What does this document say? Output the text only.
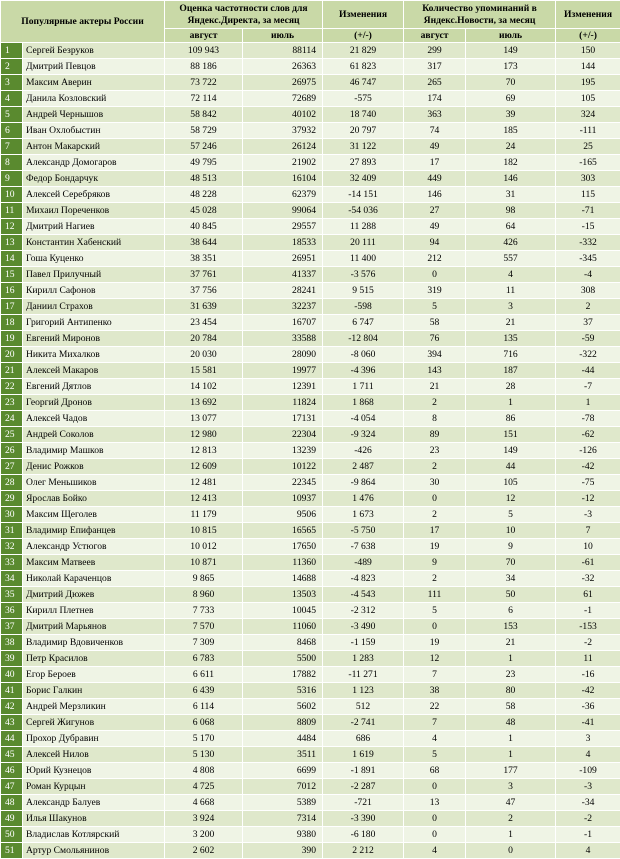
Популярные актеры России		Оценка частотности слов для Яндекс.Директа, за месяц		Изменения	Количество упоминаний в Яндекс.Новости, за месяц		Изменения
		август	июль	(+/-)	август	июль	(+/-)
1	Сергей Безруков	109 943	88114	21 829	299	149	150
2	Дмитрий Певцов	88 186	26363	61 823	317	173	144
3	Максим Аверин	73 722	26975	46 747	265	70	195
4	Данила Козловский	72 114	72689	-575	174	69	105
5	Андрей Чернышов	58 842	40102	18 740	363	39	324
6	Иван Охлобыстин	58 729	37932	20 797	74	185	-111
7	Антон Макарский	57 246	26124	31 122	49	24	25
8	Александр Домогаров	49 795	21902	27 893	17	182	-165
9	Федор Бондарчук	48 513	16104	32 409	449	146	303
10	Алексей Серебряков	48 228	62379	-14 151	146	31	115
11	Михаил Пореченков	45 028	99064	-54 036	27	98	-71
12	Дмитрий Нагиев	40 845	29557	11 288	49	64	-15
13	Константин Хабенский	38 644	18533	20 111	94	426	-332
14	Гоша Куценко	38 351	26951	11 400	212	557	-345
15	Павел Прилучный	37 761	41337	-3 576	0	4	-4
16	Кирилл Сафонов	37 756	28241	9 515	319	11	308
17	Даниил Страхов	31 639	32237	-598	5	3	2
18	Григорий Антипенко	23 454	16707	6 747	58	21	37
19	Евгений Миронов	20 784	33588	-12 804	76	135	-59
20	Никита Михалков	20 030	28090	-8 060	394	716	-322
21	Алексей Макаров	15 581	19977	-4 396	143	187	-44
22	Евгений Дятлов	14 102	12391	1 711	21	28	-7
23	Георгий Дронов	13 692	11824	1 868	2	1	1
24	Алексей Чадов	13 077	17131	-4 054	8	86	-78
25	Андрей Соколов	12 980	22304	-9 324	89	151	-62
26	Владимир Машков	12 813	13239	-426	23	149	-126
27	Денис Рожков	12 609	10122	2 487	2	44	-42
28	Олег Меньшиков	12 481	22345	-9 864	30	105	-75
29	Ярослав Бойко	12 413	10937	1 476	0	12	-12
30	Максим Щеголев	11 179	9506	1 673	2	5	-3
31	Владимир Епифанцев	10 815	16565	-5 750	17	10	7
32	Александр Устюгов	10 012	17650	-7 638	19	9	10
33	Максим Матвеев	10 871	11360	-489	9	70	-61
34	Николай Караченцов	9 865	14688	-4 823	2	34	-32
35	Дмитрий Дюжев	8 960	13503	-4 543	111	50	61
36	Кирилл Плетнев	7 733	10045	-2 312	5	6	-1
37	Дмитрий Марьянов	7 570	11060	-3 490	0	153	-153
38	Владимир Вдовиченков	7 309	8468	-1 159	19	21	-2
39	Петр Красилов	6 783	5500	1 283	12	1	11
40	Егор Бероев	6 611	17882	-11 271	7	23	-16
41	Борис Галкин	6 439	5316	1 123	38	80	-42
42	Андрей Мерзликин	6 114	5602	512	22	58	-36
43	Сергей Жигунов	6 068	8809	-2 741	7	48	-41
44	Прохор Дубравин	5 170	4484	686	4	1	3
45	Алексей Нилов	5 130	3511	1 619	5	1	4
46	Юрий Кузнецов	4 808	6699	-1 891	68	177	-109
47	Роман Курцын	4 725	7012	-2 287	0	3	-3
48	Александр Балуев	4 668	5389	-721	13	47	-34
49	Илья Шакунов	3 924	7314	-3 390	0	2	-2
50	Владислав Котлярский	3 200	9380	-6 180	0	1	-1
51	Артур Смольянинов	2 602	390	2 212	4	0	4
